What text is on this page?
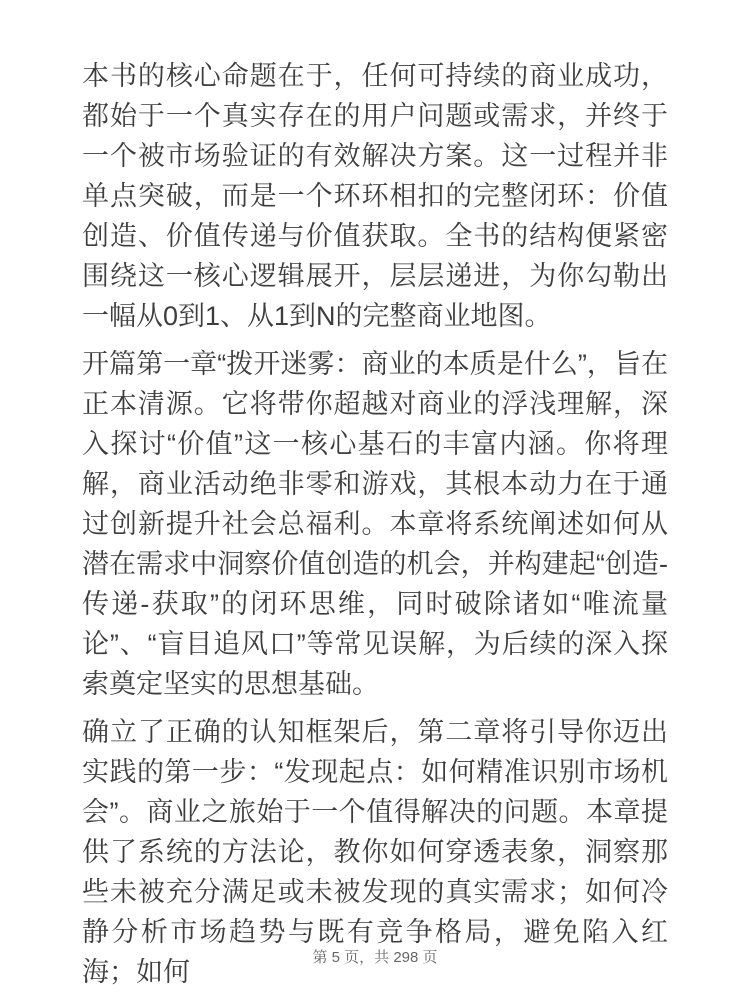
本书的核心命题在于，任何可持续的商业成功，都始于一个真实存在的用户问题或需求，并终于一个被市场验证的有效解决方案。这一过程并非单点突破，而是一个环环相扣的完整闭环：价值创造、价值传递与价值获取。全书的结构便紧密围绕这一核心逻辑展开，层层递进，为你勾勒出一幅从0到1、从1到N的完整商业地图。

开篇第一章“拨开迷雾：商业的本质是什么”，旨在正本清源。它将带你超越对商业的浮浅理解，深入探讨“价值”这一核心基石的丰富内涵。你将理解，商业活动绝非零和游戏，其根本动力在于通过创新提升社会总福利。本章将系统阐述如何从潜在需求中洞察价值创造的机会，并构建起“创造-传递-获取”的闭环思维，同时破除诸如“唯流量论”、“盲目追风口”等常见误解，为后续的深入探索奠定坚实的思想基础。

确立了正确的认知框架后，第二章将引导你迈出实践的第一步：“发现起点：如何精准识别市场机会”。商业之旅始于一个值得解决的问题。本章提供了系统的方法论，教你如何穿透表象，洞察那些未被充分满足或未被发现的真实需求；如何冷静分析市场趋势与既有竞争格局，避免陷入红海；如何	第 5 页，共 298 页
